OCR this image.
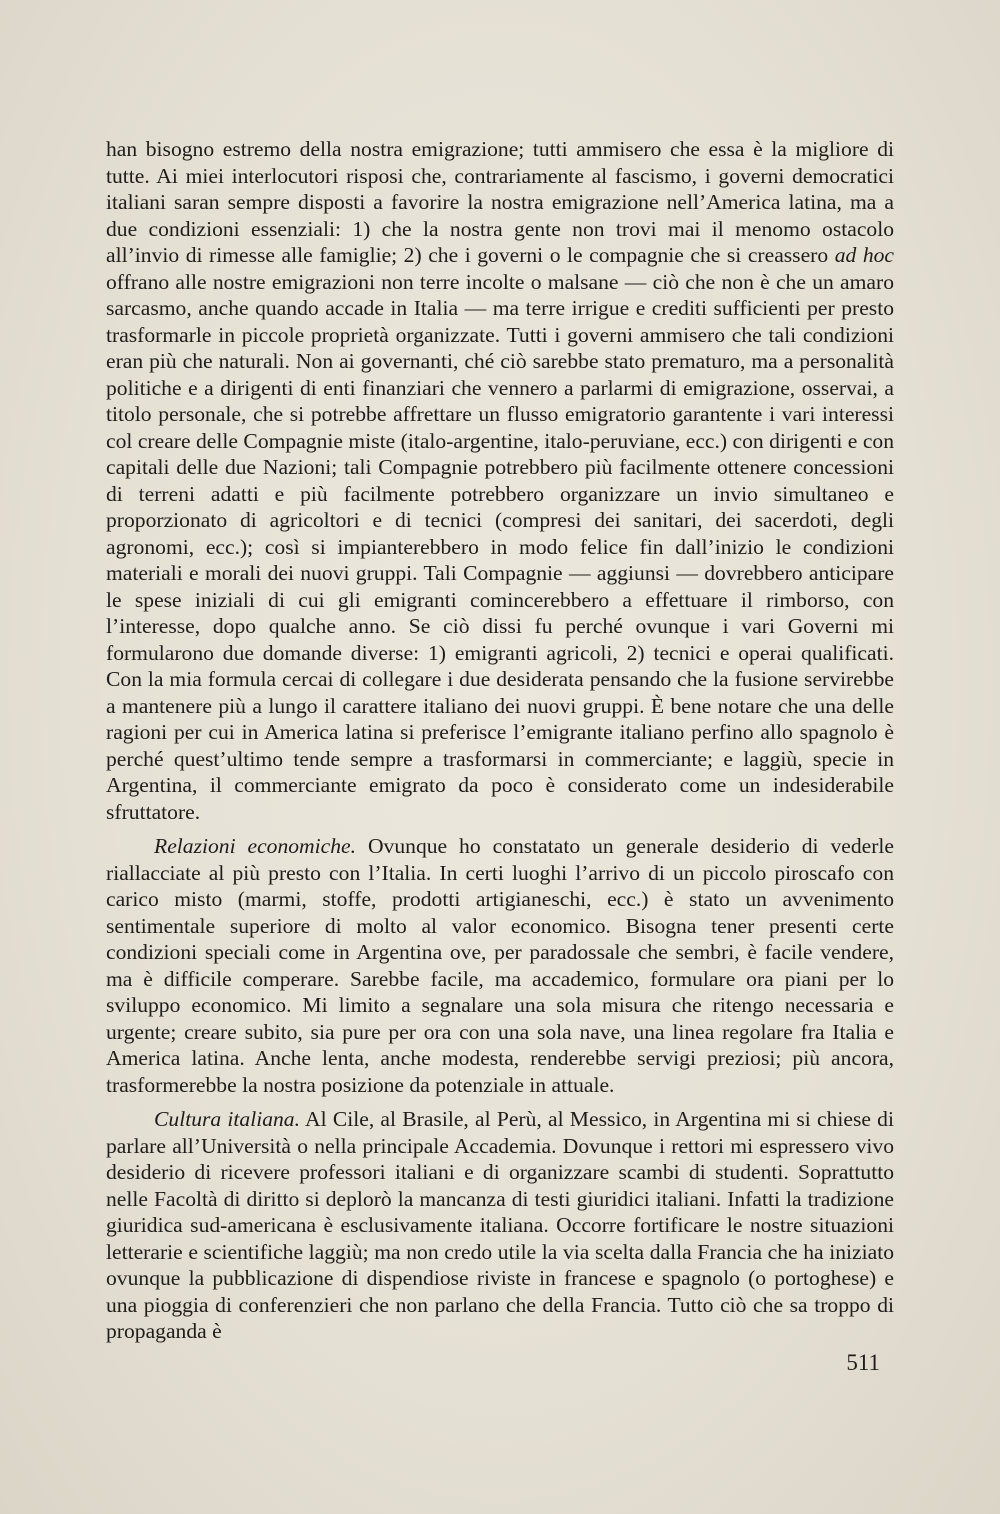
han bisogno estremo della nostra emigrazione; tutti ammisero che essa è la migliore di tutte. Ai miei interlocutori risposi che, contrariamente al fascismo, i governi democratici italiani saran sempre disposti a favorire la nostra emigrazione nell’America latina, ma a due condizioni essenziali: 1) che la nostra gente non trovi mai il menomo ostacolo all’invio di rimesse alle famiglie; 2) che i governi o le compagnie che si creassero ad hoc offrano alle nostre emigrazioni non terre incolte o malsane — ciò che non è che un amaro sarcasmo, anche quando accade in Italia — ma terre irrigue e crediti sufficienti per presto trasformarle in piccole proprietà organizzate. Tutti i governi ammisero che tali condizioni eran più che naturali. Non ai governanti, ché ciò sarebbe stato prematuro, ma a personalità politiche e a dirigenti di enti finanziari che vennero a parlarmi di emigrazione, osservai, a titolo personale, che si potrebbe affrettare un flusso emigratorio garantente i vari interessi col creare delle Compagnie miste (italo-argentine, italo-peruviane, ecc.) con dirigenti e con capitali delle due Nazioni; tali Compagnie potrebbero più facilmente ottenere concessioni di terreni adatti e più facilmente potrebbero organizzare un invio simultaneo e proporzionato di agricoltori e di tecnici (compresi dei sanitari, dei sacerdoti, degli agronomi, ecc.); così si impianterebbero in modo felice fin dall’inizio le condizioni materiali e morali dei nuovi gruppi. Tali Compagnie — aggiunsi — dovrebbero anticipare le spese iniziali di cui gli emigranti comincerebbero a effettuare il rimborso, con l’interesse, dopo qualche anno. Se ciò dissi fu perché ovunque i vari Governi mi formularono due domande diverse: 1) emigranti agricoli, 2) tecnici e operai qualificati. Con la mia formula cercai di collegare i due desiderata pensando che la fusione servirebbe a mantenere più a lungo il carattere italiano dei nuovi gruppi. È bene notare che una delle ragioni per cui in America latina si preferisce l’emigrante italiano perfino allo spagnolo è perché quest’ultimo tende sempre a trasformarsi in commerciante; e laggiù, specie in Argentina, il commerciante emigrato da poco è considerato come un indesiderabile sfruttatore.

Relazioni economiche. Ovunque ho constatato un generale desiderio di vederle riallacciate al più presto con l’Italia. In certi luoghi l’arrivo di un piccolo piroscafo con carico misto (marmi, stoffe, prodotti artigianeschi, ecc.) è stato un avvenimento sentimentale superiore di molto al valor economico. Bisogna tener presenti certe condizioni speciali come in Argentina ove, per paradossale che sembri, è facile vendere, ma è difficile comperare. Sarebbe facile, ma accademico, formulare ora piani per lo sviluppo economico. Mi limito a segnalare una sola misura che ritengo necessaria e urgente; creare subito, sia pure per ora con una sola nave, una linea regolare fra Italia e America latina. Anche lenta, anche modesta, renderebbe servigi preziosi; più ancora, trasformerebbe la nostra posizione da potenziale in attuale.

Cultura italiana. Al Cile, al Brasile, al Perù, al Messico, in Argentina mi si chiese di parlare all’Università o nella principale Accademia. Dovunque i rettori mi espressero vivo desiderio di ricevere professori italiani e di organizzare scambi di studenti. Soprattutto nelle Facoltà di diritto si deplorò la mancanza di testi giuridici italiani. Infatti la tradizione giuridica sud-americana è esclusivamente italiana. Occorre fortificare le nostre situazioni letterarie e scientifiche laggiù; ma non credo utile la via scelta dalla Francia che ha iniziato ovunque la pubblicazione di dispendiose riviste in francese e spagnolo (o portoghese) e una pioggia di conferenzieri che non parlano che della Francia. Tutto ciò che sa troppo di propaganda è

511
